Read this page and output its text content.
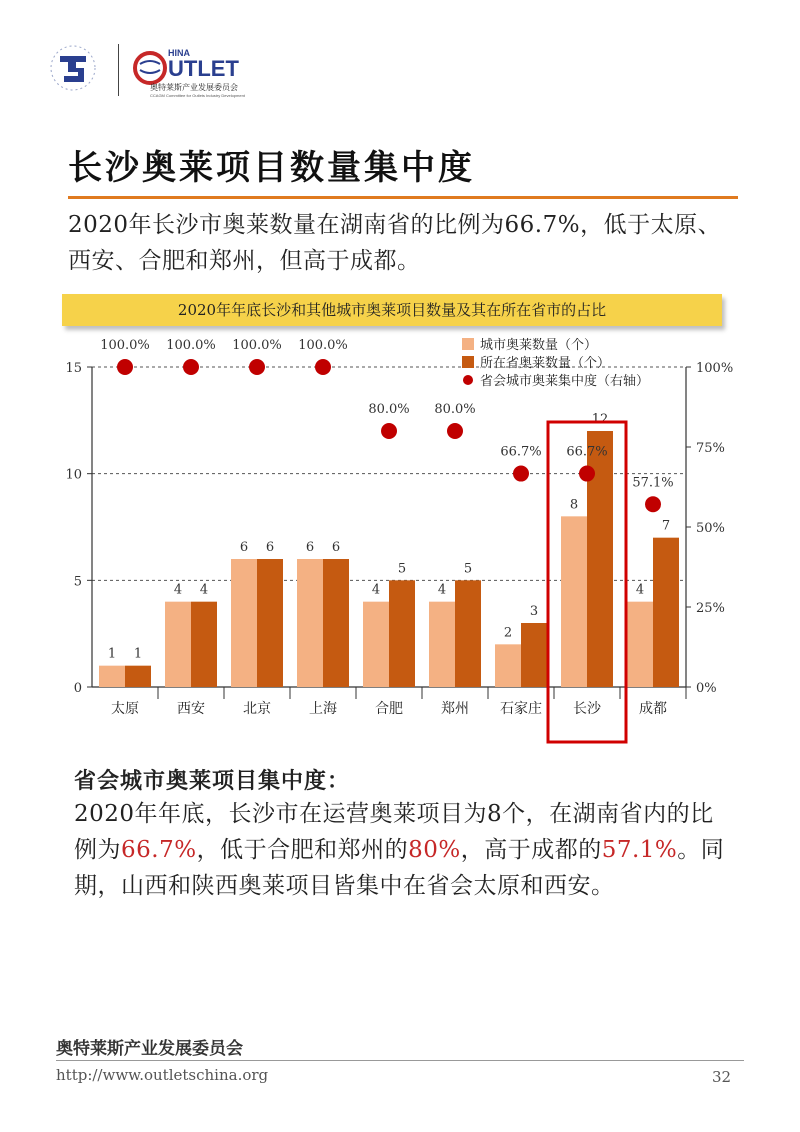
HINA
UTLET
奥特莱斯产业发展委员会
CCAGM Committee for Outlets Industry Development
长沙奥莱项目数量集中度

2020年长沙市奥莱数量在湖南省的比例为66.7%，低于太原、西安、合肥和郑州，但高于成都。

2020年年底长沙和其他城市奥莱项目数量及其在所在省市的占比
0
5
10
15
0%
25%
50%
75%
100%
1 1
太原
4 4
西安
6 6
北京
6 6
上海
4
5
合肥
4
5
郑州
2
3
石家庄
8
12
长沙
4
7
成都
100.0% 100.0% 100.0% 100.0%
80.0% 80.0%
66.7% 66.7%
57.1%
城市奥莱数量（个）
所在省奥莱数量（个）
省会城市奥莱集中度（右轴）
省会城市奥莱项目集中度：

2020年年底，长沙市在运营奥莱项目为8个，在湖南省内的比例为66.7%，低于合肥和郑州的80%，高于成都的57.1%。同期，山西和陕西奥莱项目皆集中在省会太原和西安。

奥特莱斯产业发展委员会
http://www.outletschina.org	32
